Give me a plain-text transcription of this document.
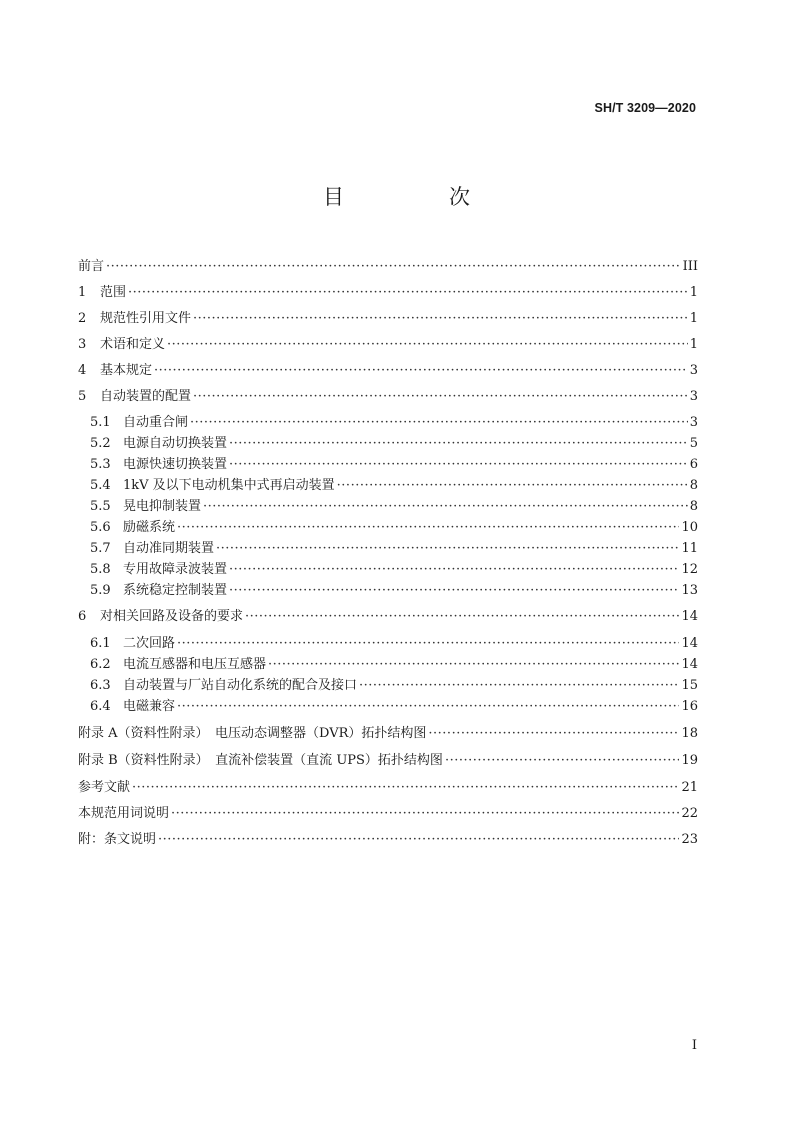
SH/T 3209—2020
目　次
前言 ·····	III
1	范围 ·····	1
2	规范性引用文件 ·····	1
3	术语和定义 ·····	1
4	基本规定 ·····	3
5	自动装置的配置 ·····	3
5.1 自动重合闸 ·····	3
5.2 电源自动切换装置 ·····	5
5.3 电源快速切换装置 ·····	6
5.4 1kV 及以下电动机集中式再启动装置 ·····	8
5.5 晃电抑制装置 ·····	8
5.6 励磁系统 ·····	10
5.7 自动准同期装置 ·····	11
5.8 专用故障录波装置 ·····	12
5.9 系统稳定控制装置 ·····	13
6	对相关回路及设备的要求 ·····	14
6.1 二次回路 ·····	14
6.2 电流互感器和电压互感器 ·····	14
6.3 自动装置与厂站自动化系统的配合及接口 ·····	15
6.4 电磁兼容 ·····	16
附录 A（资料性附录）　电压动态调整器（DVR）拓扑结构图 ·····	18
附录 B（资料性附录）　直流补偿装置（直流 UPS）拓扑结构图 ·····	19
参考文献 ·····	21
本规范用词说明 ·····	22
附：条文说明 ·····	23
I
